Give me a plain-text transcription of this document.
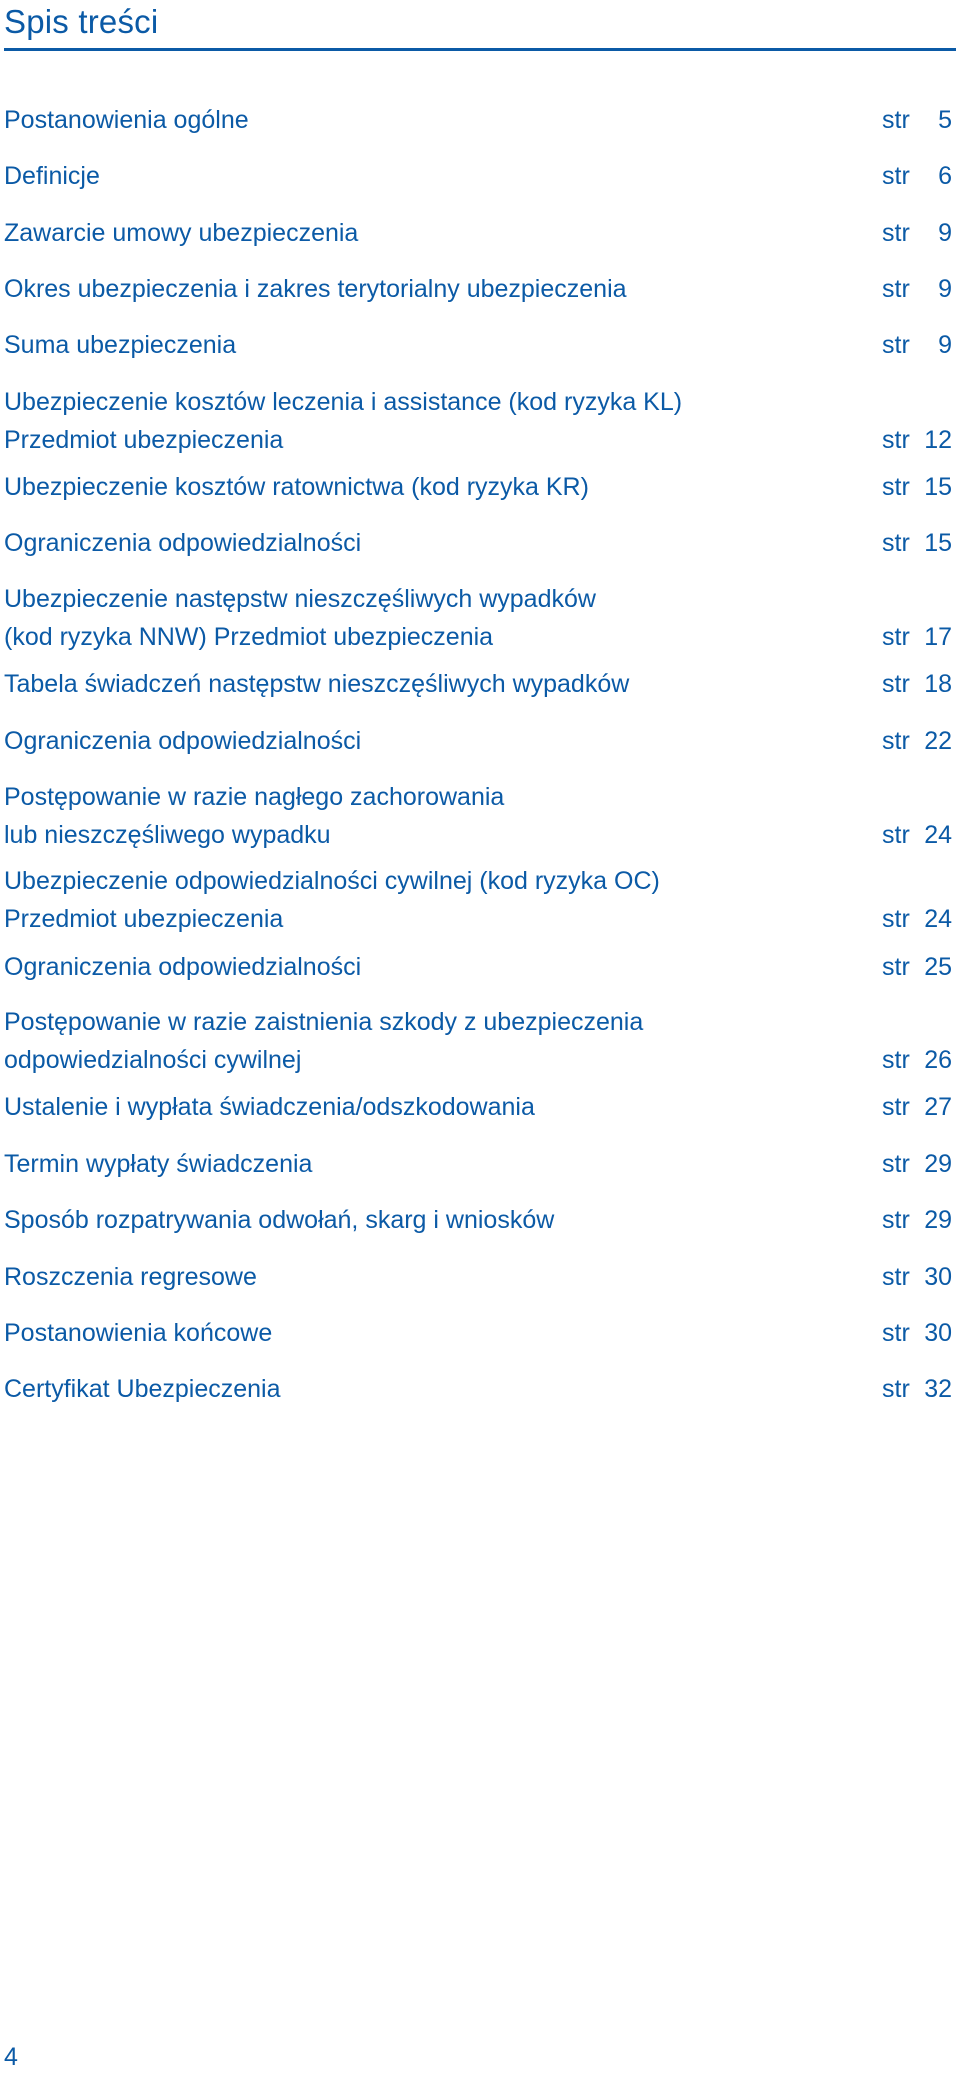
Spis treści
Postanowienia ogólne	str 5
Definicje	str 6
Zawarcie umowy ubezpieczenia	str 9
Okres ubezpieczenia i zakres terytorialny ubezpieczenia	str 9
Suma ubezpieczenia	str 9
Ubezpieczenie kosztów leczenia i assistance (kod ryzyka KL)
Przedmiot ubezpieczenia	str 12
Ubezpieczenie kosztów ratownictwa (kod ryzyka KR)	str 15
Ograniczenia odpowiedzialności	str 15
Ubezpieczenie następstw nieszczęśliwych wypadków
(kod ryzyka NNW) Przedmiot ubezpieczenia	str 17
Tabela świadczeń następstw nieszczęśliwych wypadków	str 18
Ograniczenia odpowiedzialności	str 22
Postępowanie w razie nagłego zachorowania
lub nieszczęśliwego wypadku	str 24
Ubezpieczenie odpowiedzialności cywilnej (kod ryzyka OC)
Przedmiot ubezpieczenia	str 24
Ograniczenia odpowiedzialności	str 25
Postępowanie w razie zaistnienia szkody z ubezpieczenia
odpowiedzialności cywilnej	str 26
Ustalenie i wypłata świadczenia/odszkodowania	str 27
Termin wypłaty świadczenia	str 29
Sposób rozpatrywania odwołań, skarg i wniosków	str 29
Roszczenia regresowe	str 30
Postanowienia końcowe	str 30
Certyfikat Ubezpieczenia	str 32
4
